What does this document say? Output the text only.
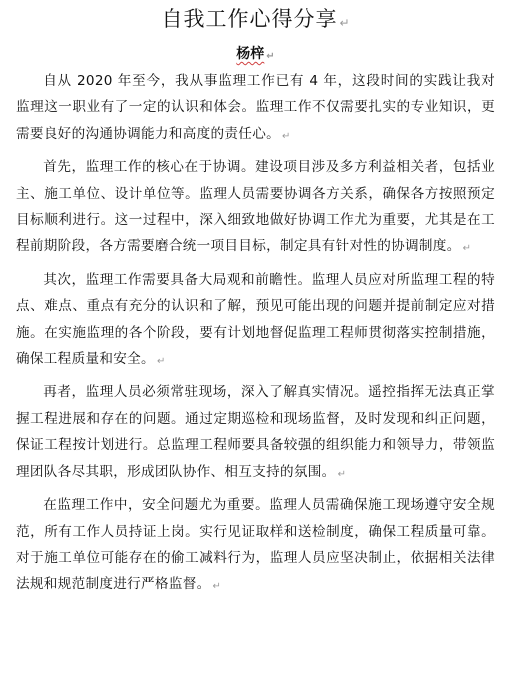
自我工作心得分享 ↵
杨梓 ↵

自从 2020 年至今，我从事监理工作已有 4 年，这段时间的实践让我对监理这一职业有了一定的认识和体会。监理工作不仅需要扎实的专业知识，更需要良好的沟通协调能力和高度的责任心。 ↵

首先，监理工作的核心在于协调。建设项目涉及多方利益相关者，包括业主、施工单位、设计单位等。监理人员需要协调各方关系，确保各方按照预定目标顺利进行。这一过程中，深入细致地做好协调工作尤为重要，尤其是在工程前期阶段，各方需要磨合统一项目目标，制定具有针对性的协调制度。 ↵

其次，监理工作需要具备大局观和前瞻性。监理人员应对所监理工程的特点、难点、重点有充分的认识和了解，预见可能出现的问题并提前制定应对措施。在实施监理的各个阶段，要有计划地督促监理工程师贯彻落实控制措施，确保工程质量和安全。 ↵

再者，监理人员必须常驻现场，深入了解真实情况。遥控指挥无法真正掌握工程进展和存在的问题。通过定期巡检和现场监督，及时发现和纠正问题，保证工程按计划进行。总监理工程师要具备较强的组织能力和领导力，带领监理团队各尽其职，形成团队协作、相互支持的氛围。 ↵

在监理工作中，安全问题尤为重要。监理人员需确保施工现场遵守安全规范，所有工作人员持证上岗。实行见证取样和送检制度，确保工程质量可靠。对于施工单位可能存在的偷工减料行为，监理人员应坚决制止，依据相关法律法规和规范制度进行严格监督。 ↵
